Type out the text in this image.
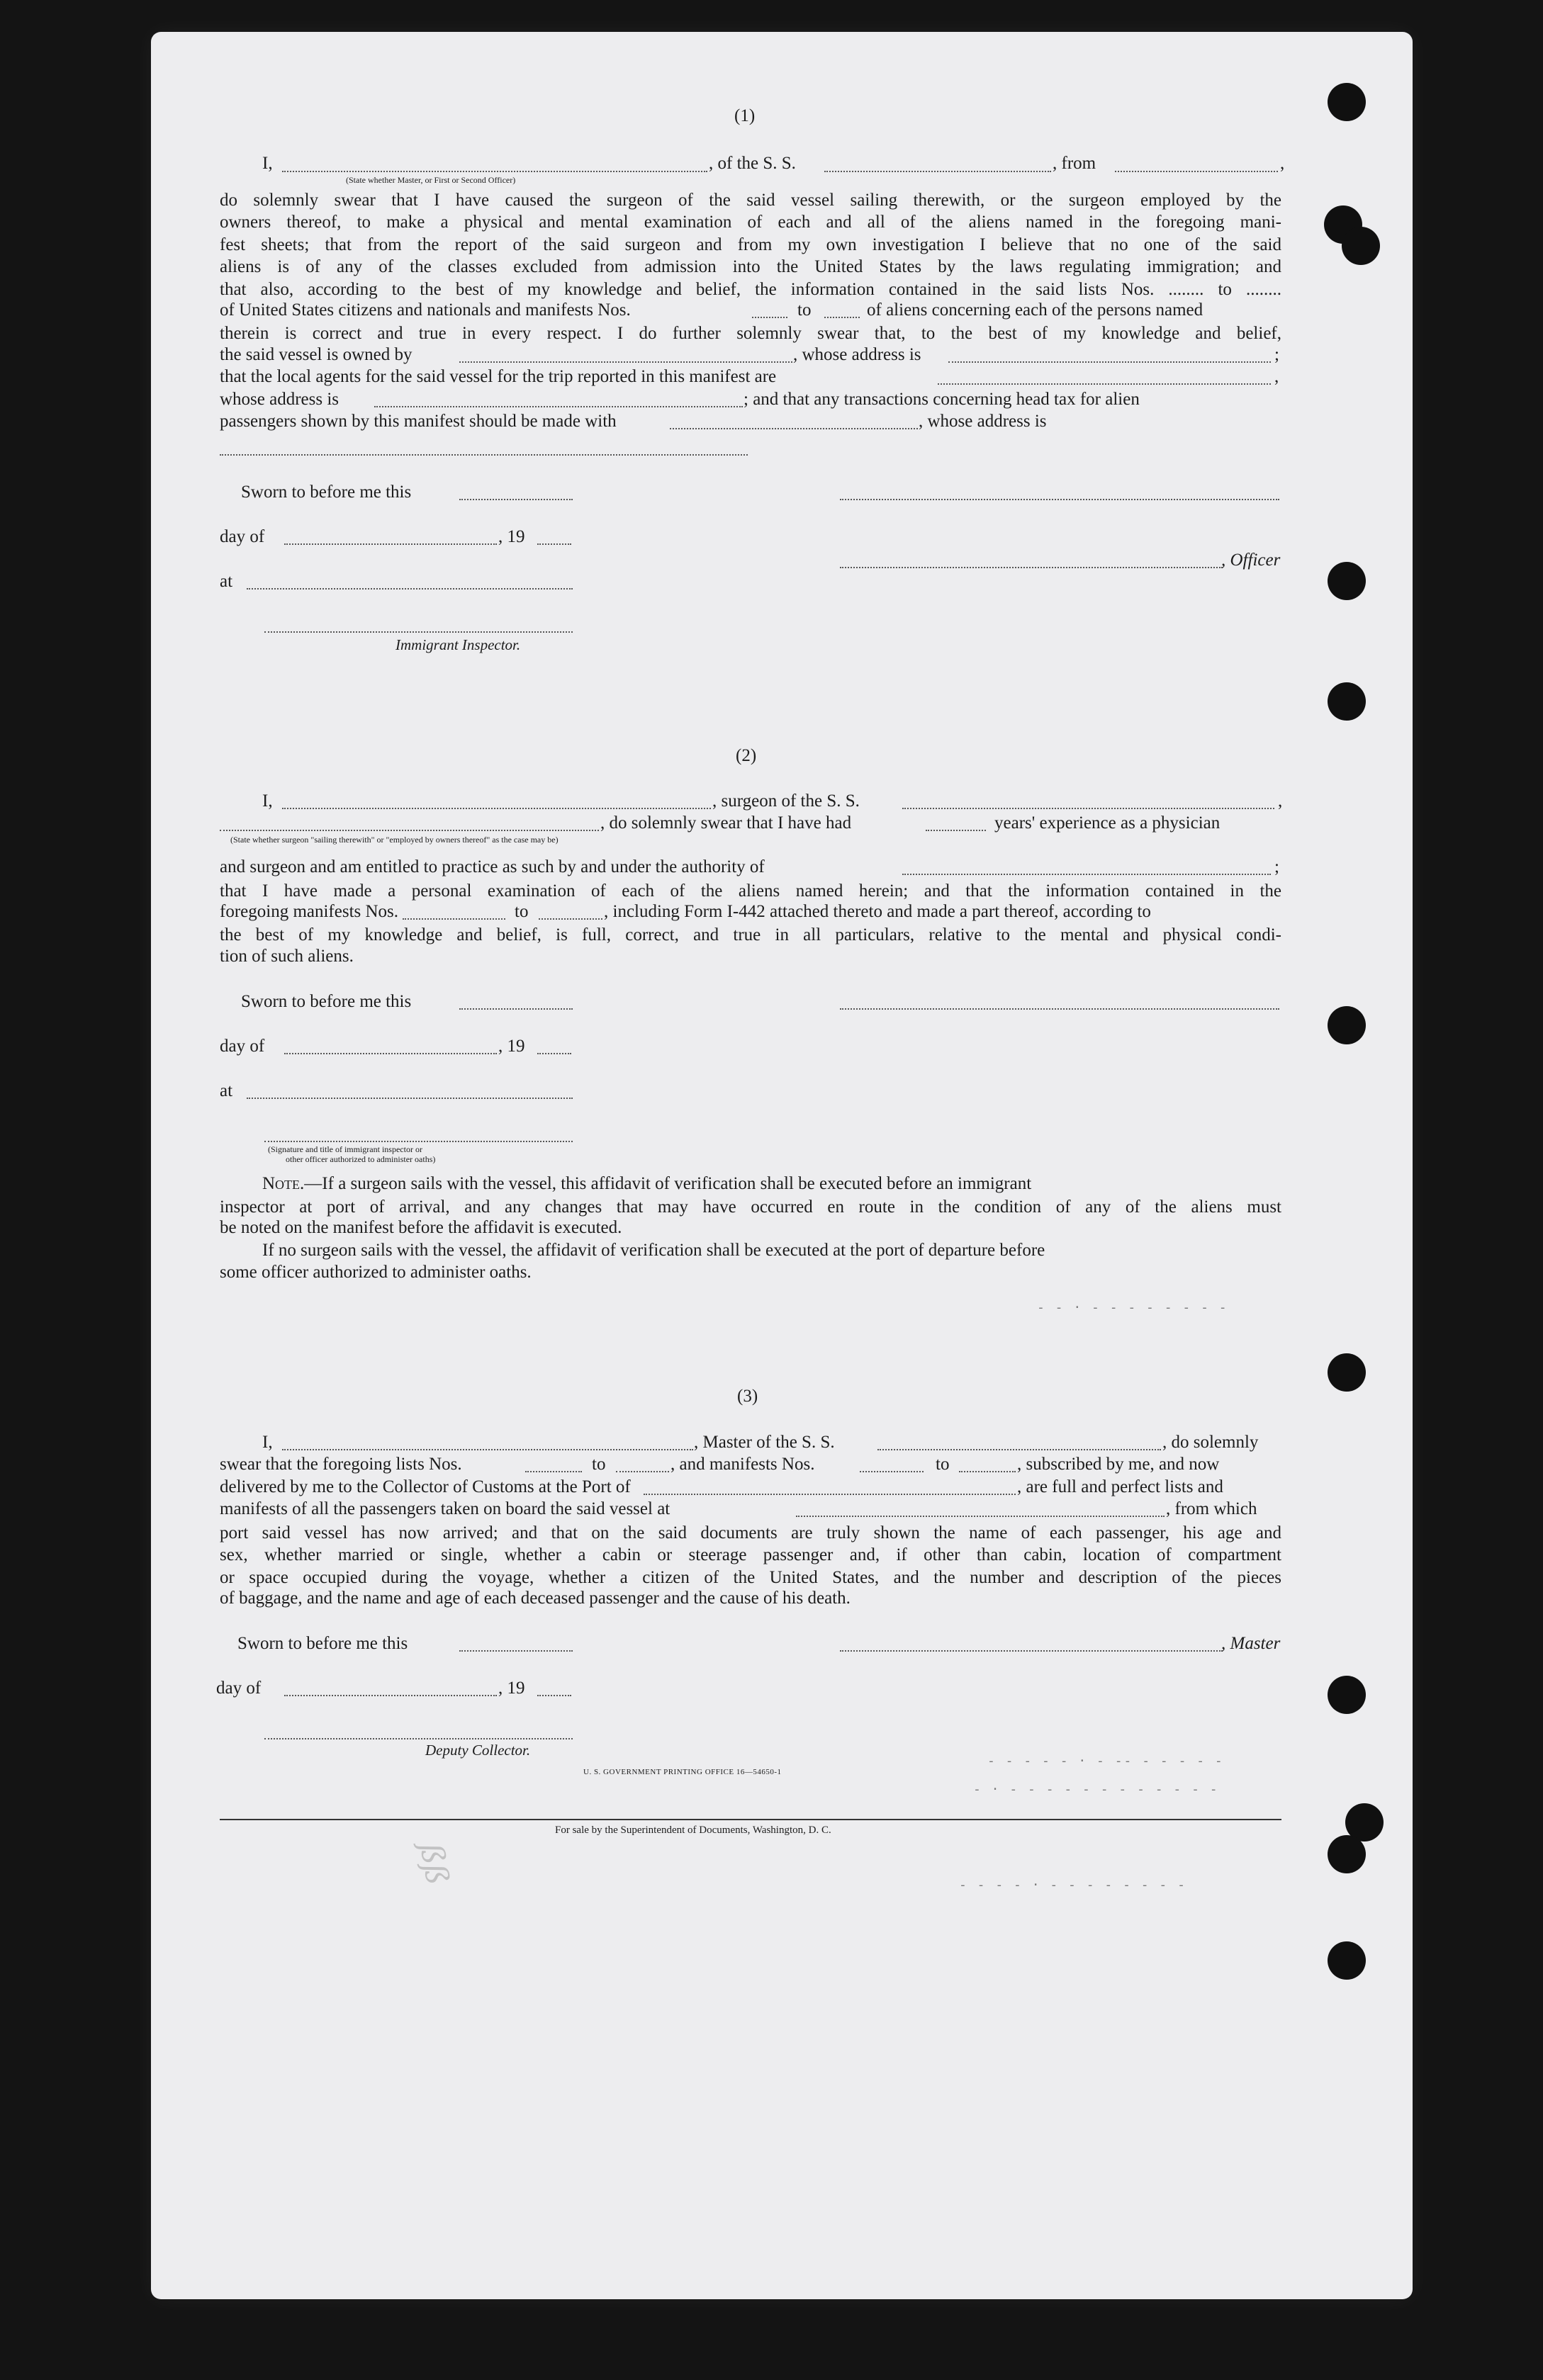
(1)
I,	, of the S. S.	, from	,
(State whether Master, or First or Second Officer)
do solemnly swear that I have caused the surgeon of the said vessel sailing therewith, or the surgeon employed by the
owners thereof, to make a physical and mental examination of each and all of the aliens named in the foregoing mani-
fest sheets; that from the report of the said surgeon and from my own investigation I believe that no one of the said
aliens is of any of the classes excluded from admission into the United States by the laws regulating immigration; and
that also, according to the best of my knowledge and belief, the information contained in the said lists Nos. ........ to ........
of United States citizens and nationals and manifests Nos.	to	of aliens concerning each of the persons named
therein is correct and true in every respect. I do further solemnly swear that, to the best of my knowledge and belief,
the said vessel is owned by	, whose address is	;
that the local agents for the said vessel for the trip reported in this manifest are	,
whose address is	; and that any transactions concerning head tax for alien
passengers shown by this manifest should be made with	, whose address is
Sworn to before me this
day of	, 19
, Officer
at
Immigrant Inspector.
(2)
I,	, surgeon of the S. S.	,
, do solemnly swear that I have had	years' experience as a physician
(State whether surgeon "sailing therewith" or "employed by owners thereof" as the case may be)
and surgeon and am entitled to practice as such by and under the authority of	;
that I have made a personal examination of each of the aliens named herein; and that the information contained in the
foregoing manifests Nos.	to	, including Form I-442 attached thereto and made a part thereof, according to
the best of my knowledge and belief, is full, correct, and true in all particulars, relative to the mental and physical condi-
tion of such aliens.
Sworn to before me this
day of	, 19
at
(Signature and title of immigrant inspector or
other officer authorized to administer oaths)
Note.—If a surgeon sails with the vessel, this affidavit of verification shall be executed before an immigrant
inspector at port of arrival, and any changes that may have occurred en route in the condition of any of the aliens must
be noted on the manifest before the affidavit is executed.
If no surgeon sails with the vessel, the affidavit of verification shall be executed at the port of departure before
some officer authorized to administer oaths.
(3)
I,	, Master of the S. S.	, do solemnly
swear that the foregoing lists Nos.	to	, and manifests Nos.	to	, subscribed by me, and now
delivered by me to the Collector of Customs at the Port of	, are full and perfect lists and
manifests of all the passengers taken on board the said vessel at	, from which
port said vessel has now arrived; and that on the said documents are truly shown the name of each passenger, his age and
sex, whether married or single, whether a cabin or steerage passenger and, if other than cabin, location of compartment
or space occupied during the voyage, whether a citizen of the United States, and the number and description of the pieces
of baggage, and the name and age of each deceased passenger and the cause of his death.
Sworn to before me this	, Master
day of	, 19
Deputy Collector.
U. S. GOVERNMENT PRINTING OFFICE 16—54650-1
For sale by the Superintendent of Documents, Washington, D. C.
- - - - - · - -- - - - - -
- · - - - - - - - - - - - -
- - - - · - - - - - - - -
- - · - - - - - - - -
ßß
